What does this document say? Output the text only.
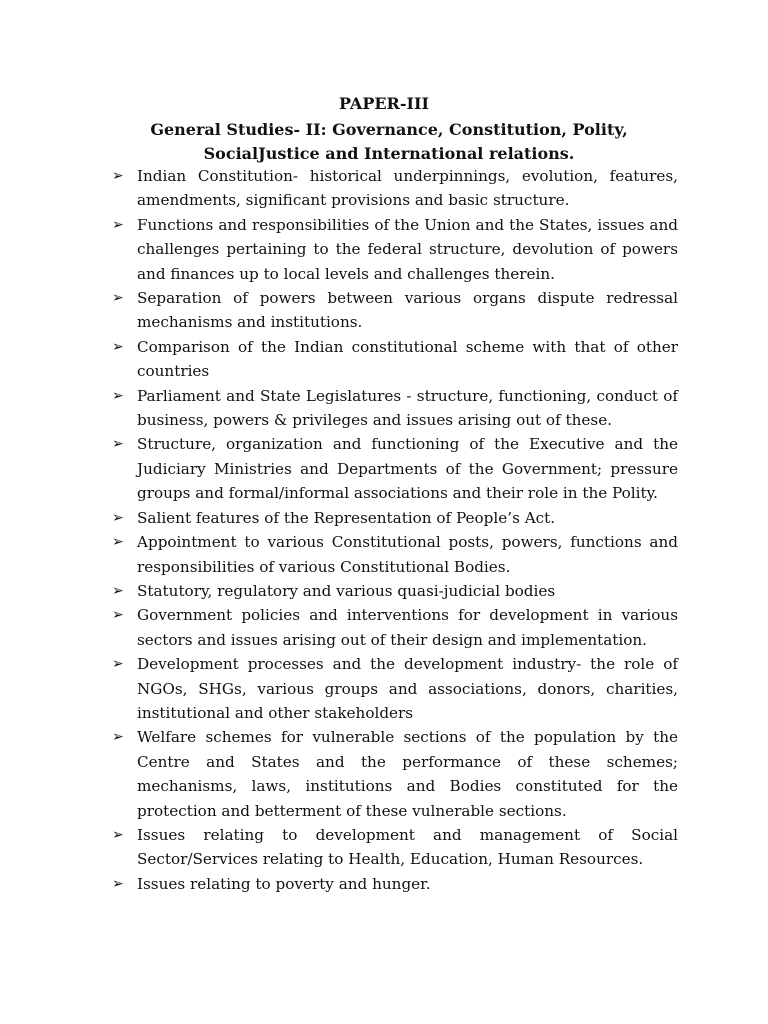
PAPER-III
General Studies- II: Governance, Constitution, Polity, SocialJustice and International relations.
➢ Indian Constitution- historical underpinnings, evolution, features, amendments, significant provisions and basic structure.
➢ Functions and responsibilities of the Union and the States, issues and challenges pertaining to the federal structure, devolution of powers and finances up to local levels and challenges therein.
➢ Separation of powers between various organs dispute redressal mechanisms and institutions.
➢ Comparison of the Indian constitutional scheme with that of other countries
➢ Parliament and State Legislatures - structure, functioning, conduct of business, powers & privileges and issues arising out of these.
➢ Structure, organization and functioning of the Executive and the Judiciary Ministries and Departments of the Government; pressure groups and formal/informal associations and their role in the Polity.
➢ Salient features of the Representation of People’s Act.
➢ Appointment to various Constitutional posts, powers, functions and responsibilities of various Constitutional Bodies.
➢ Statutory, regulatory and various quasi-judicial bodies
➢ Government policies and interventions for development in various sectors and issues arising out of their design and implementation.
➢ Development processes and the development industry- the role of NGOs, SHGs, various groups and associations, donors, charities, institutional and other stakeholders
➢ Welfare schemes for vulnerable sections of the population by the Centre and States and the performance of these schemes; mechanisms, laws, institutions and Bodies constituted for the protection and betterment of these vulnerable sections.
➢ Issues relating to development and management of Social Sector/Services relating to Health, Education, Human Resources.
➢ Issues relating to poverty and hunger.
